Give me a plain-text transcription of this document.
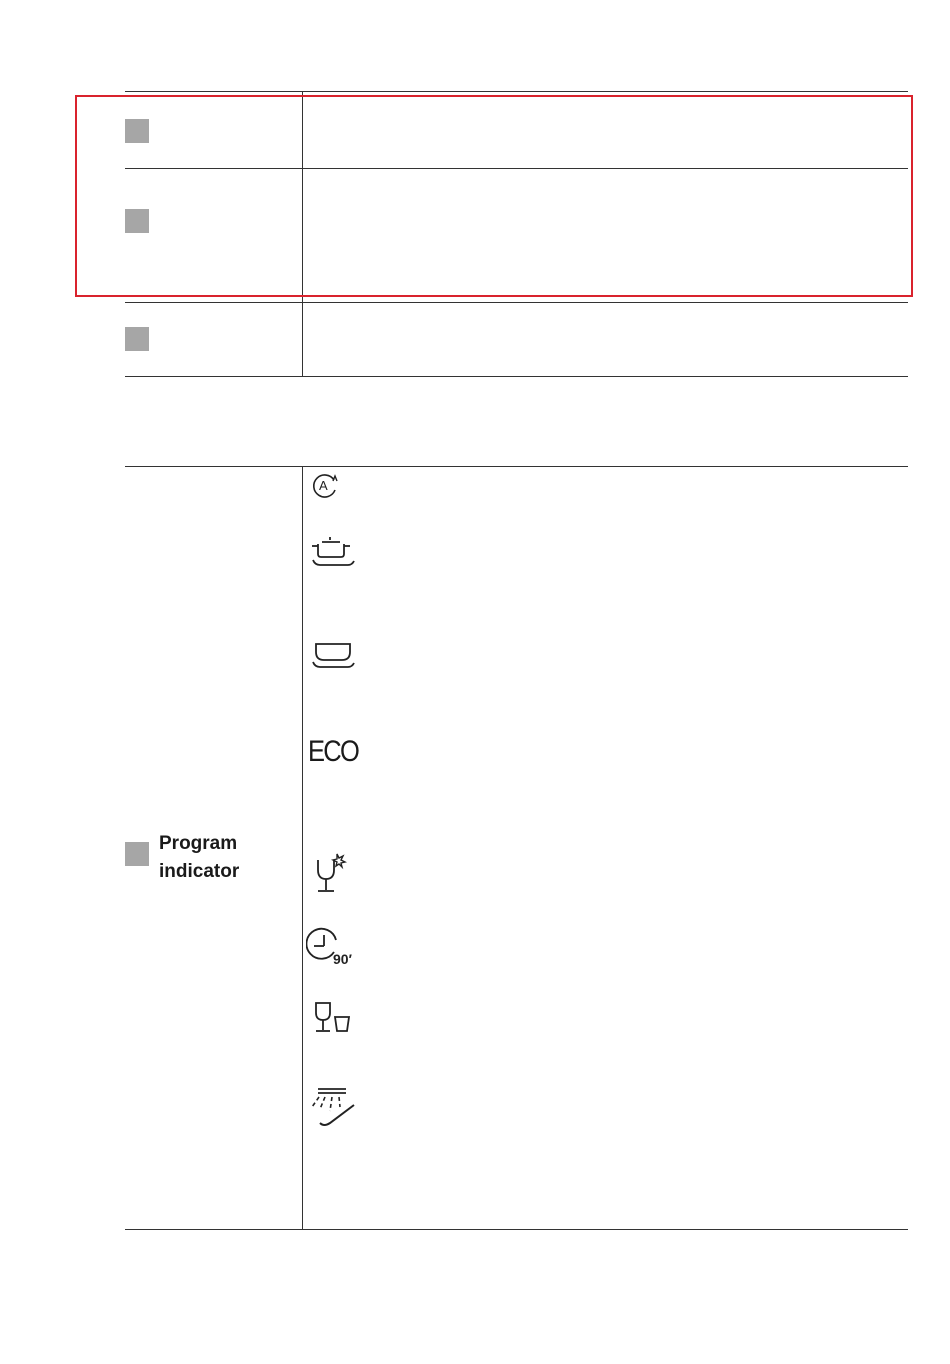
Program
indicator
A
ECO
90′
